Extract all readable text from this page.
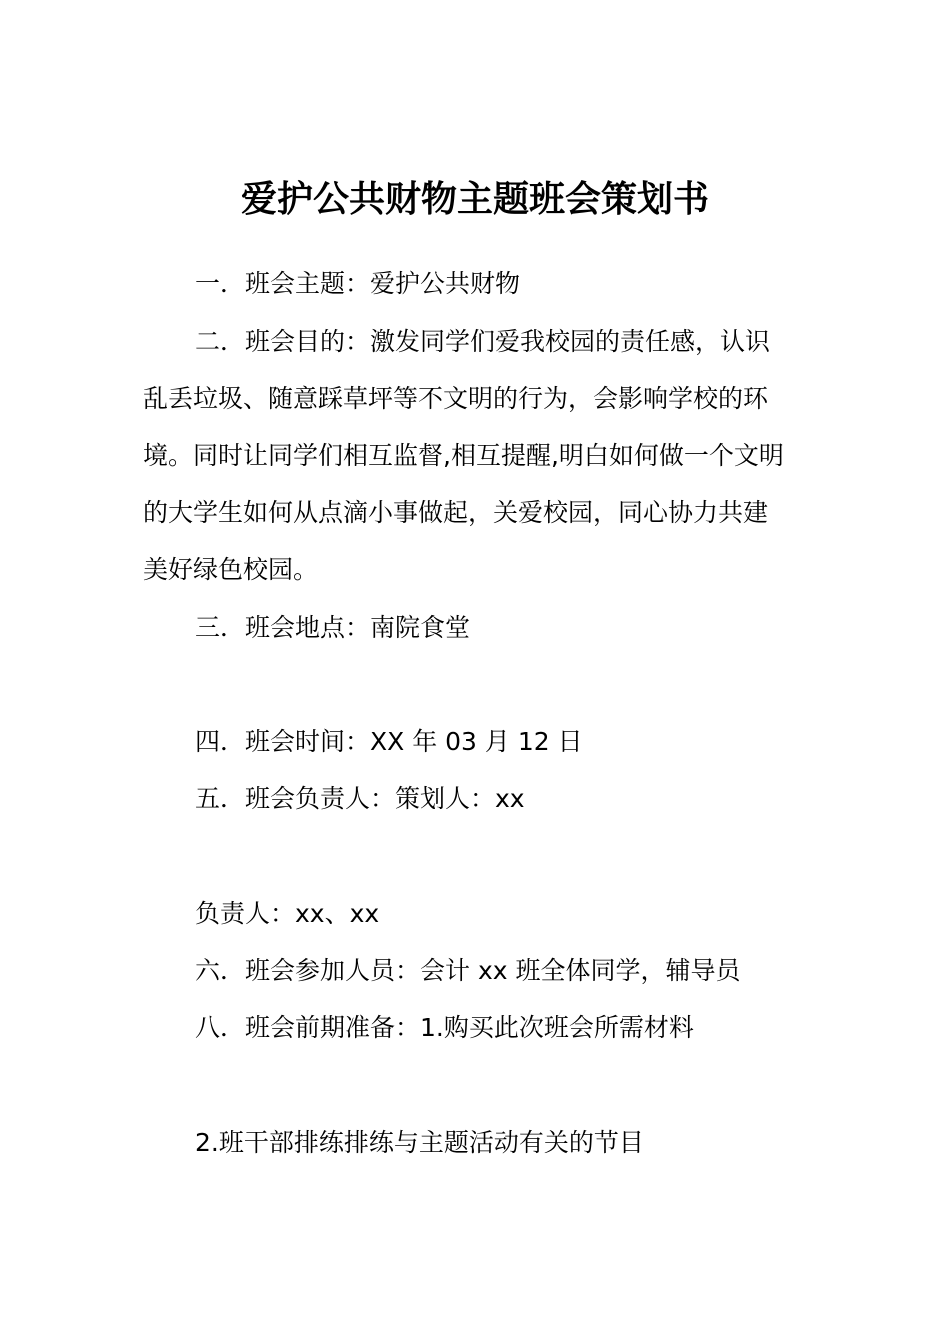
爱护公共财物主题班会策划书
一．班会主题：爱护公共财物
二．班会目的：激发同学们爱我校园的责任感，认识
乱丢垃圾、随意踩草坪等不文明的行为，会影响学校的环
境。同时让同学们相互监督,相互提醒,明白如何做一个文明
的大学生如何从点滴小事做起，关爱校园，同心协力共建
美好绿色校园。
三．班会地点：南院食堂
四．班会时间：XX 年 03 月 12 日
五．班会负责人：策划人：xx
负责人：xx、xx
六．班会参加人员：会计 xx 班全体同学，辅导员
八．班会前期准备：1.购买此次班会所需材料
2.班干部排练排练与主题活动有关的节目
